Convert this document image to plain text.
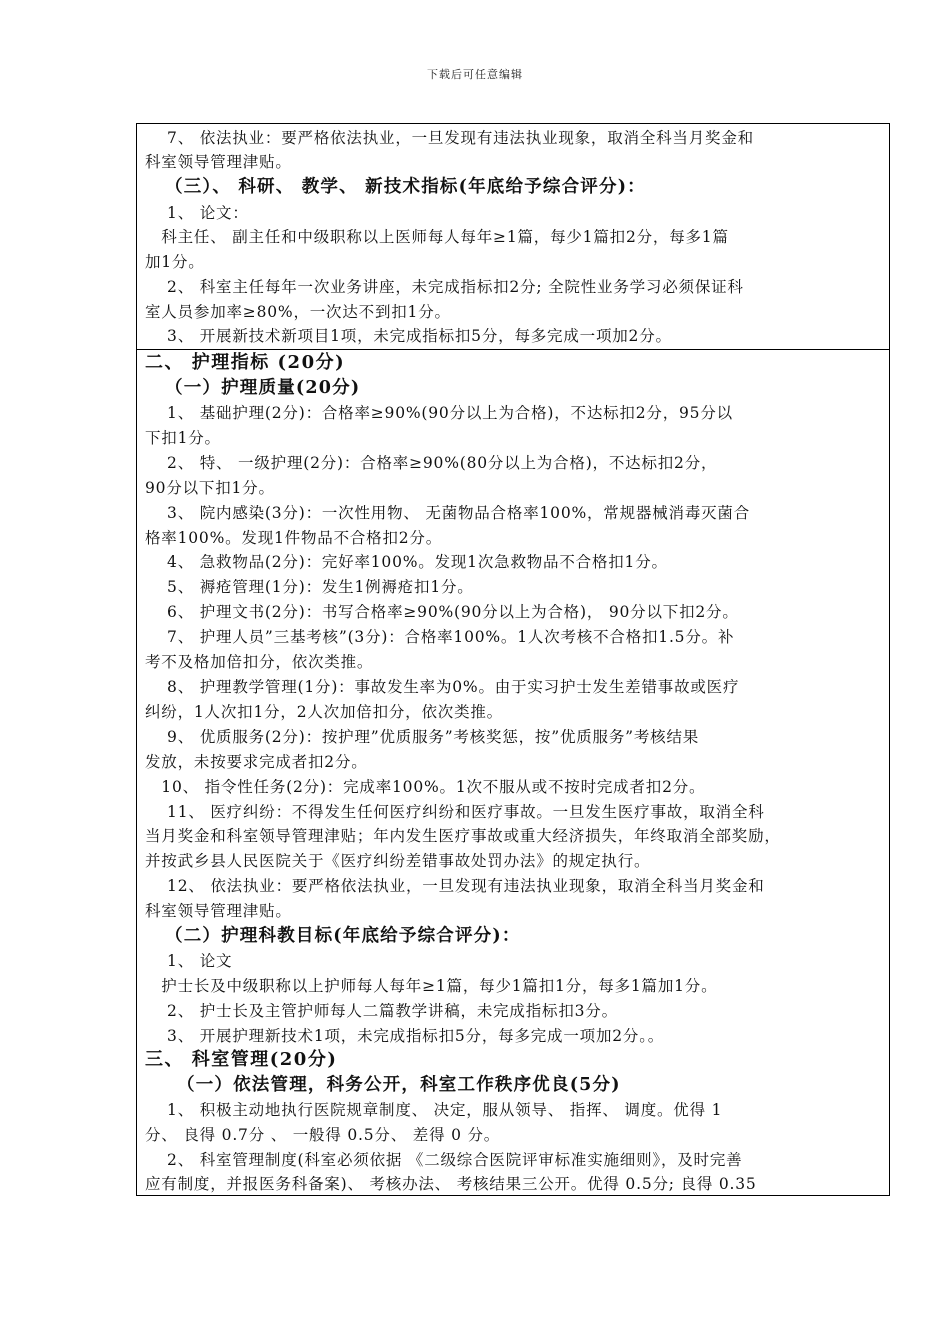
下载后可任意编辑
　 7、 依法执业：要严格依法执业，一旦发现有违法执业现象，取消全科当月奖金和
科室领导管理津贴。
（三）、 科研、 教学、 新技术指标(年底给予综合评分)：
　 1、 论文：
　科主任、 副主任和中级职称以上医师每人每年≥1篇，每少1篇扣2分，每多1篇
加1分。
　 2、 科室主任每年一次业务讲座，未完成指标扣2分; 全院性业务学习必须保证科
室人员参加率≥80%，一次达不到扣1分。
　 3、 开展新技术新项目1项，未完成指标扣5分，每多完成一项加2分。
二、 护理指标 (20分)
（一）护理质量(20分)
　 1、 基础护理(2分)：合格率≥90%(90分以上为合格)，不达标扣2分，95分以
下扣1分。
　 2、 特、 一级护理(2分)：合格率≥90%(80分以上为合格)，不达标扣2分，
90分以下扣1分。
　 3、 院内感染(3分)：一次性用物、 无菌物品合格率100%，常规器械消毒灭菌合
格率100%。发现1件物品不合格扣2分。
　 4、 急救物品(2分)：完好率100%。发现1次急救物品不合格扣1分。
　 5、 褥疮管理(1分)：发生1例褥疮扣1分。
　 6、 护理文书(2分)：书写合格率≥90%(90分以上为合格)， 90分以下扣2分。
　 7、 护理人员”三基考核”(3分)：合格率100%。1人次考核不合格扣1.5分。补
考不及格加倍扣分，依次类推。
　 8、 护理教学管理(1分)：事故发生率为0%。由于实习护士发生差错事故或医疗
纠纷，1人次扣1分，2人次加倍扣分，依次类推。
　 9、 优质服务(2分)：按护理”优质服务”考核奖惩，按”优质服务”考核结果
发放，未按要求完成者扣2分。
　10、 指令性任务(2分)：完成率100%。1次不服从或不按时完成者扣2分。
　 11、 医疗纠纷：不得发生任何医疗纠纷和医疗事故。一旦发生医疗事故，取消全科
当月奖金和科室领导管理津贴；年内发生医疗事故或重大经济损失，年终取消全部奖励，
并按武乡县人民医院关于《医疗纠纷差错事故处罚办法》的规定执行。
　 12、 依法执业：要严格依法执业，一旦发现有违法执业现象，取消全科当月奖金和
科室领导管理津贴。
（二）护理科教目标(年底给予综合评分)：
　 1、 论文
　护士长及中级职称以上护师每人每年≥1篇，每少1篇扣1分，每多1篇加1分。
　 2、 护士长及主管护师每人二篇教学讲稿，未完成指标扣3分。
　 3、 开展护理新技术1项，未完成指标扣5分，每多完成一项加2分。。
三、 科室管理(20分)
（一）依法管理，科务公开，科室工作秩序优良(5分)
　 1、 积极主动地执行医院规章制度、 决定，服从领导、 指挥、 调度。优得 1
分、 良得 0.7分 、 一般得 0.5分、 差得 0 分。
　 2、 科室管理制度(科室必须依据 《二级综合医院评审标准实施细则》，及时完善
应有制度，并报医务科备案)、 考核办法、 考核结果三公开。优得 0.5分; 良得 0.35
